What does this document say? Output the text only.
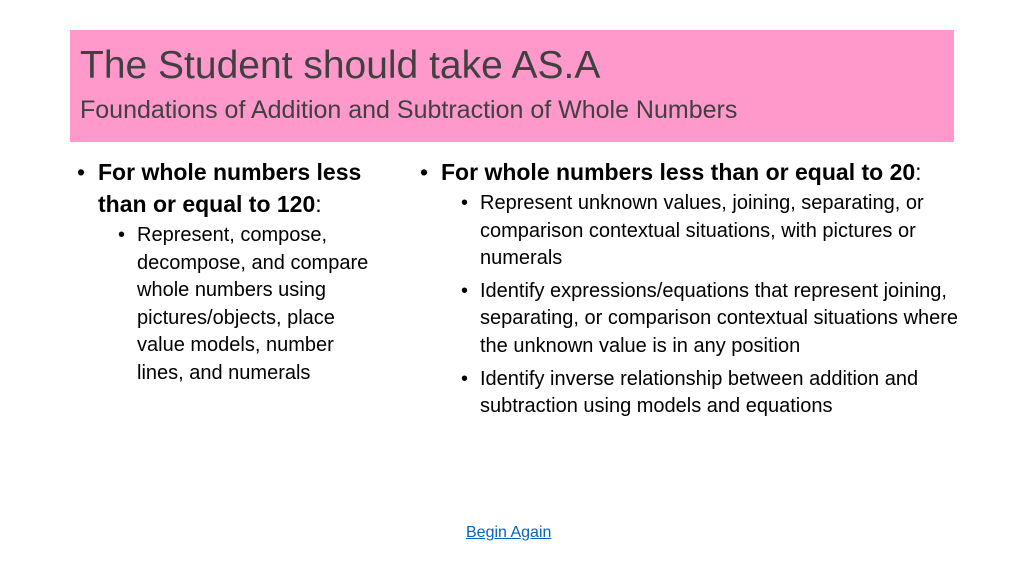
The Student should take AS.A
Foundations of Addition and Subtraction of Whole Numbers
• For whole numbers less than or equal to 120:
• Represent, compose, decompose, and compare whole numbers using pictures/objects, place value models, number lines, and numerals
• For whole numbers less than or equal to 20:
• Represent unknown values, joining, separating, or comparison contextual situations, with pictures or numerals
• Identify expressions/equations that represent joining, separating, or comparison contextual situations where the unknown value is in any position
• Identify inverse relationship between addition and subtraction using models and equations
Begin Again
